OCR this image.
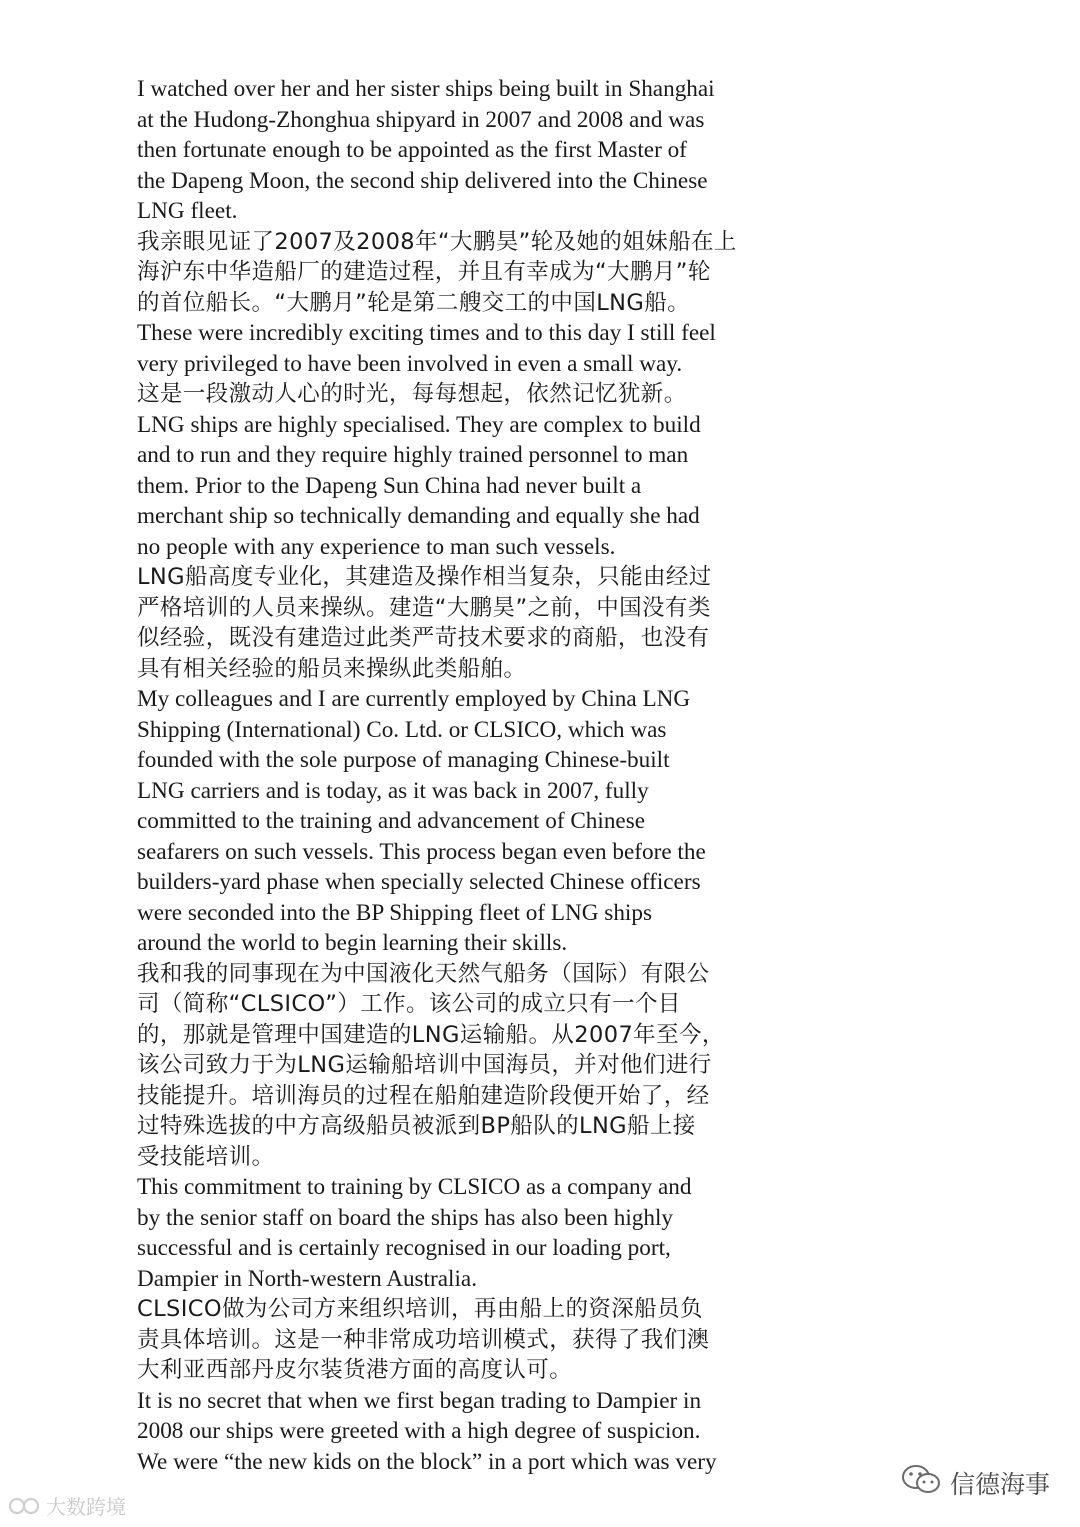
I watched over her and her sister ships being built in Shanghai
at the Hudong-Zhonghua shipyard in 2007 and 2008 and was
then fortunate enough to be appointed as the first Master of
the Dapeng Moon, the second ship delivered into the Chinese
LNG fleet.

我亲眼见证了2007及2008年“大鹏昊”轮及她的姐妹船在上
海沪东中华造船厂的建造过程，并且有幸成为“大鹏月”轮
的首位船长。“大鹏月”轮是第二艘交工的中国LNG船。

These were incredibly exciting times and to this day I still feel
very privileged to have been involved in even a small way.

这是一段激动人心的时光，每每想起，依然记忆犹新。

LNG ships are highly specialised. They are complex to build
and to run and they require highly trained personnel to man
them. Prior to the Dapeng Sun China had never built a
merchant ship so technically demanding and equally she had
no people with any experience to man such vessels.

LNG船高度专业化，其建造及操作相当复杂，只能由经过
严格培训的人员来操纵。建造“大鹏昊”之前，中国没有类
似经验，既没有建造过此类严苛技术要求的商船，也没有
具有相关经验的船员来操纵此类船舶。

My colleagues and I are currently employed by China LNG
Shipping (International) Co. Ltd. or CLSICO, which was
founded with the sole purpose of managing Chinese-built
LNG carriers and is today, as it was back in 2007, fully
committed to the training and advancement of Chinese
seafarers on such vessels. This process began even before the
builders-yard phase when specially selected Chinese officers
were seconded into the BP Shipping fleet of LNG ships
around the world to begin learning their skills.

我和我的同事现在为中国液化天然气船务（国际）有限公
司（简称“CLSICO”）工作。该公司的成立只有一个目
的，那就是管理中国建造的LNG运输船。从2007年至今，
该公司致力于为LNG运输船培训中国海员，并对他们进行
技能提升。培训海员的过程在船舶建造阶段便开始了，经
过特殊选拔的中方高级船员被派到BP船队的LNG船上接
受技能培训。

This commitment to training by CLSICO as a company and
by the senior staff on board the ships has also been highly
successful and is certainly recognised in our loading port,
Dampier in North-western Australia.

CLSICO做为公司方来组织培训，再由船上的资深船员负
责具体培训。这是一种非常成功培训模式，获得了我们澳
大利亚西部丹皮尔装货港方面的高度认可。

It is no secret that when we first began trading to Dampier in
2008 our ships were greeted with a high degree of suspicion.
We were “the new kids on the block” in a port which was very

大数跨境
信德海事
